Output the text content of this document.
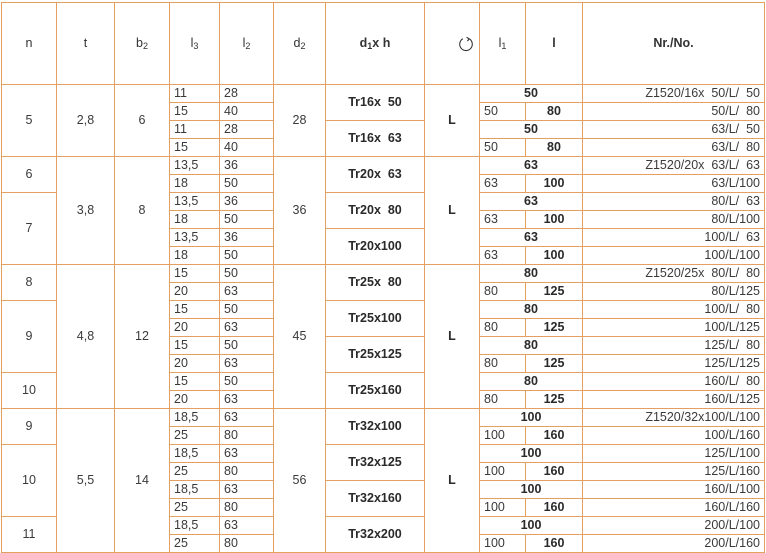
n	t	$b_2$	$l_3$	$l_2$	$d_2$	$d_1x$ h		$l_1$	l	Nr./No.
5	2,8	6	11	28	28	Tr16x  50	L	50		Z1520/16x  50/L/  50
			15	40				50	80	50/L/  80
			11	28		Tr16x  63		50		63/L/  50
			15	40				50	80	63/L/  80
6	3,8	8	13,5	36	36	Tr20x  63	L	63		Z1520/20x  63/L/  63
			18	50				63	100	63/L/100
7			13,5	36		Tr20x  80		63		80/L/  63
			18	50				63	100	80/L/100
			13,5	36		Tr20x100		63		100/L/  63
			18	50				63	100	100/L/100
8	4,8	12	15	50	45	Tr25x  80	L	80		Z1520/25x  80/L/  80
			20	63				80	125	80/L/125
9			15	50		Tr25x100		80		100/L/  80
			20	63				80	125	100/L/125
			15	50		Tr25x125		80		125/L/  80
			20	63				80	125	125/L/125
10			15	50		Tr25x160		80		160/L/  80
			20	63				80	125	160/L/125
9	5,5	14	18,5	63	56	Tr32x100	L	100		Z1520/32x100/L/100
			25	80				100	160	100/L/160
10			18,5	63		Tr32x125		100		125/L/100
			25	80				100	160	125/L/160
			18,5	63		Tr32x160		100		160/L/100
			25	80				100	160	160/L/160
11			18,5	63		Tr32x200		100		200/L/100
			25	80				100	160	200/L/160
